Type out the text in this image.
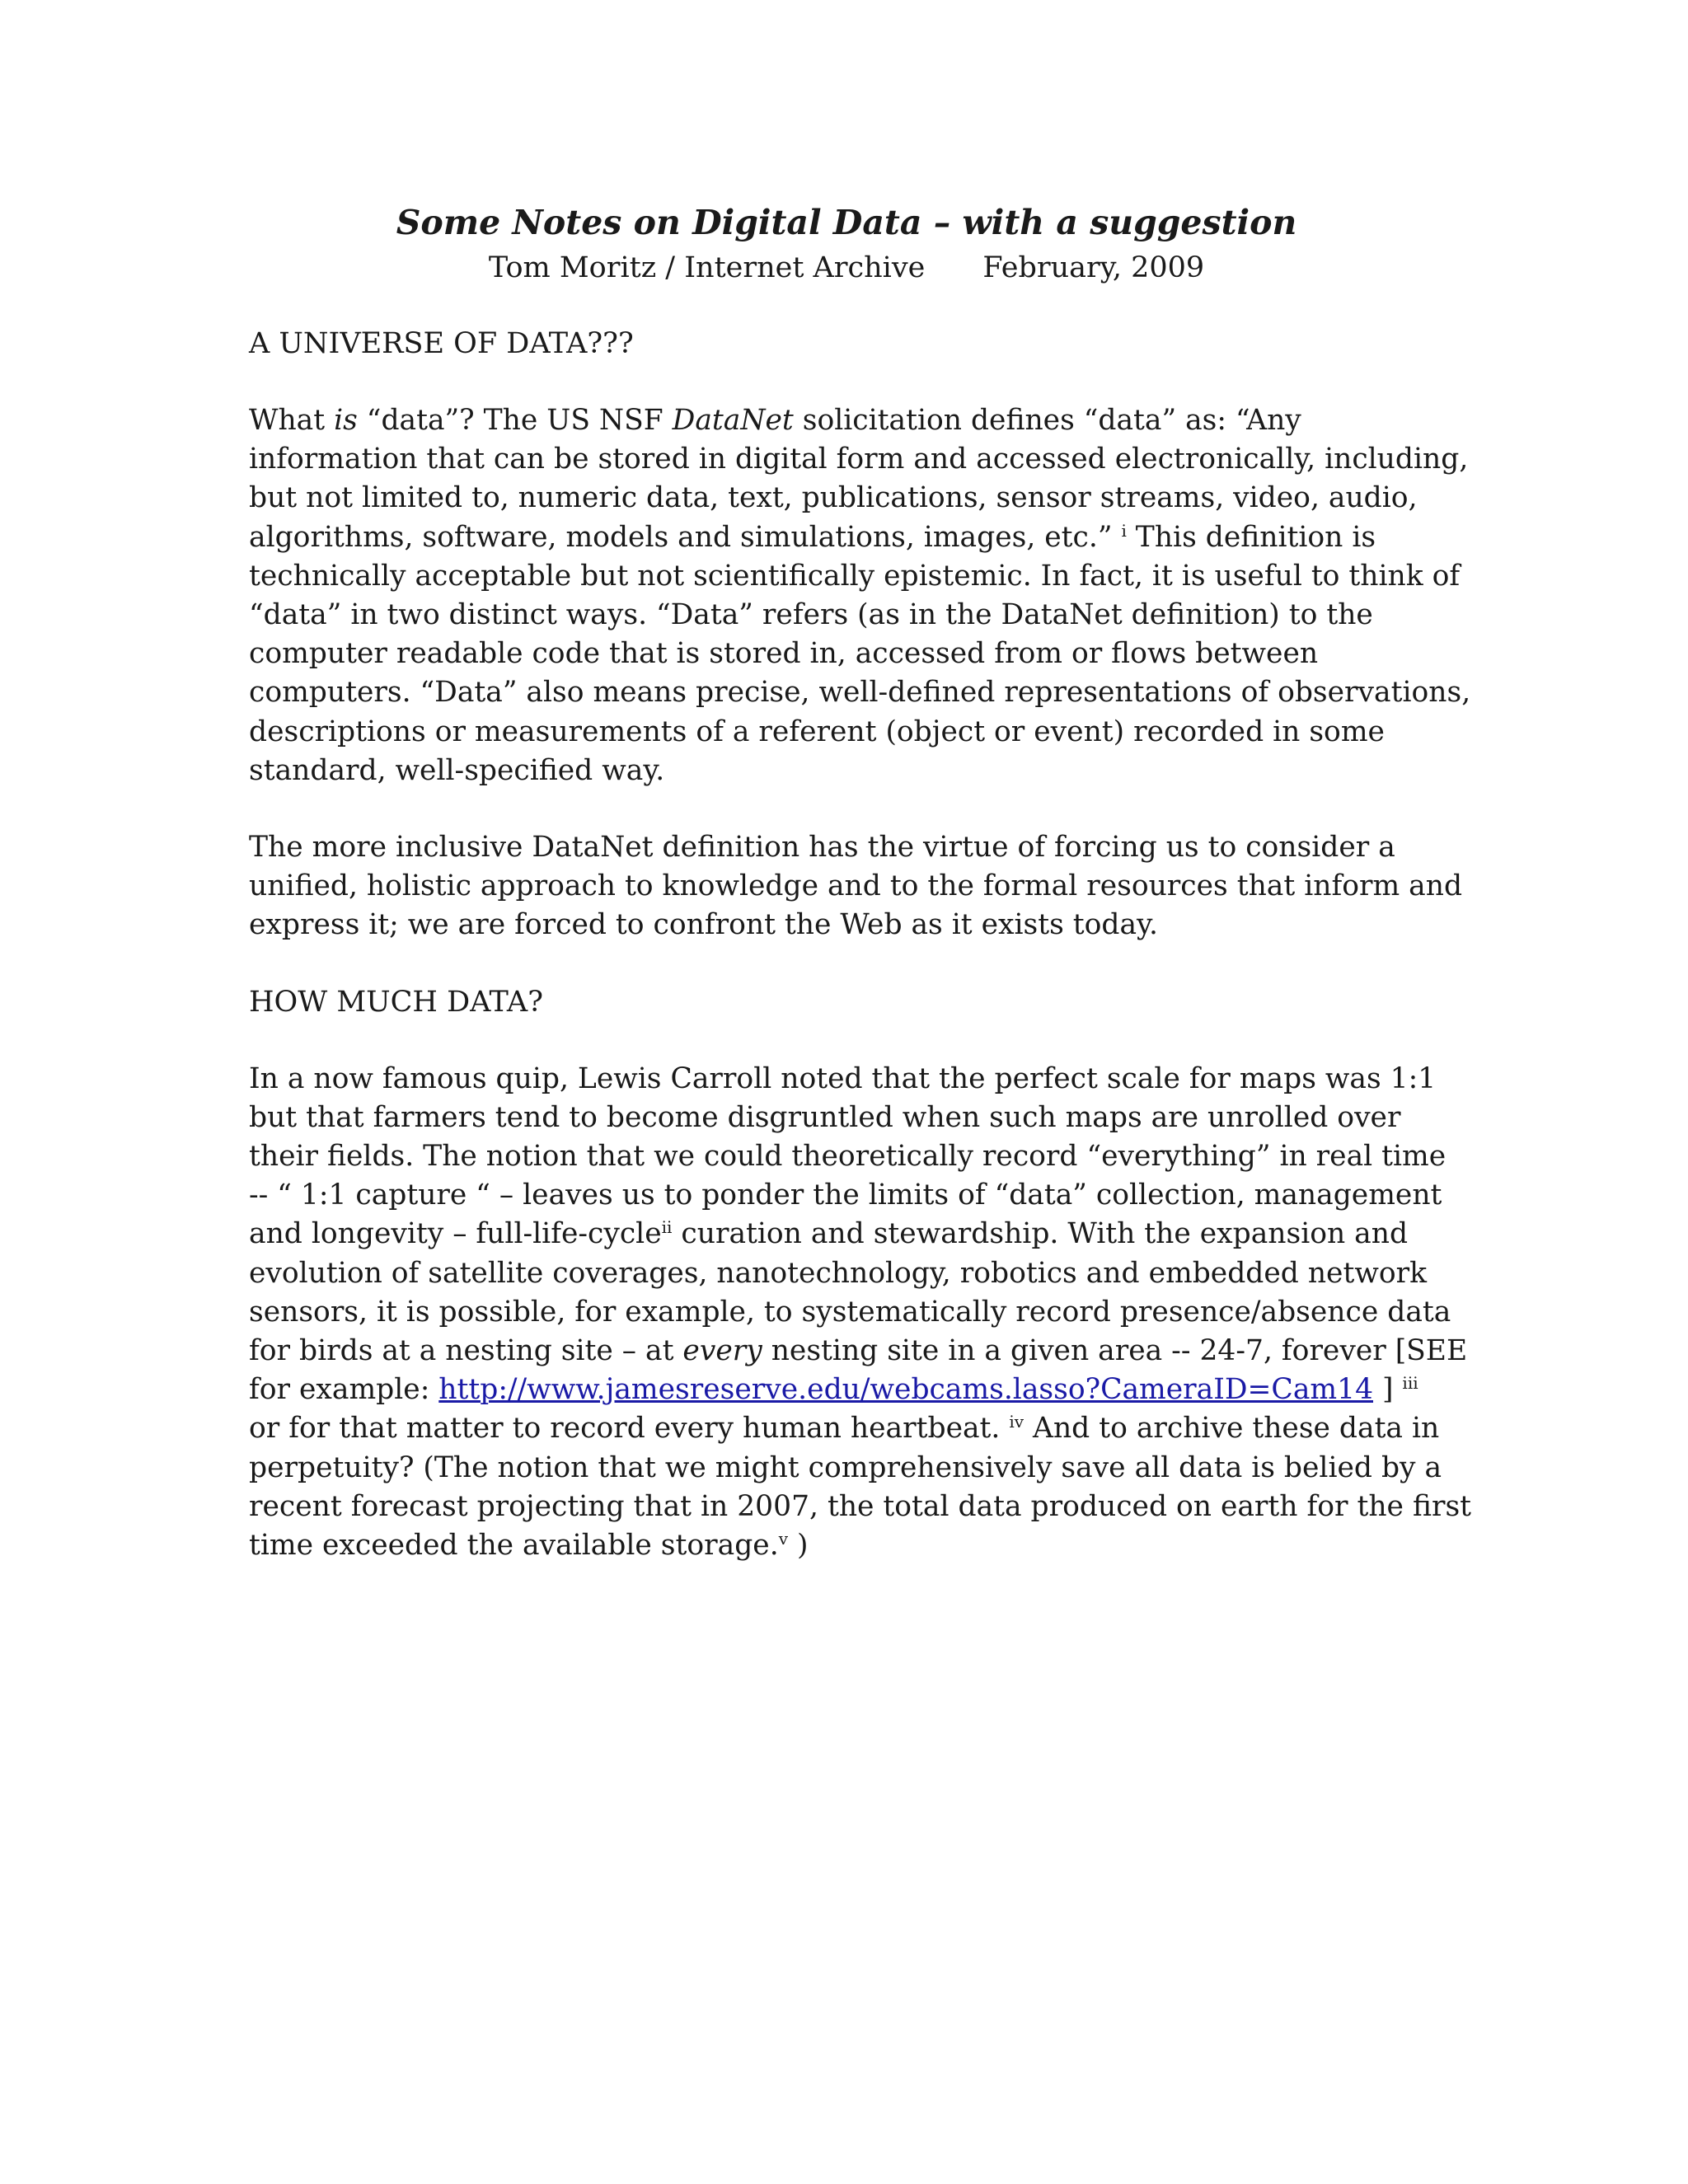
Some Notes on Digital Data – with a suggestion

Tom Moritz / Internet Archive February, 2009

A UNIVERSE OF DATA???

What is “data”? The US NSF DataNet solicitation defines “data” as: “Any
information that can be stored in digital form and accessed electronically, including,
but not limited to, numeric data, text, publications, sensor streams, video, audio,
algorithms, software, models and simulations, images, etc.” $^i$ This definition is
technically acceptable but not scientifically epistemic. In fact, it is useful to think of
“data” in two distinct ways. “Data” refers (as in the DataNet definition) to the
computer readable code that is stored in, accessed from or flows between
computers. “Data” also means precise, well-defined representations of observations,
descriptions or measurements of a referent (object or event) recorded in some
standard, well-specified way.

The more inclusive DataNet definition has the virtue of forcing us to consider a
unified, holistic approach to knowledge and to the formal resources that inform and
express it; we are forced to confront the Web as it exists today.

HOW MUCH DATA?

In a now famous quip, Lewis Carroll noted that the perfect scale for maps was 1:1
but that farmers tend to become disgruntled when such maps are unrolled over
their fields. The notion that we could theoretically record “everything” in real time
-- “ 1:1 capture “ – leaves us to ponder the limits of “data” collection, management
and longevity – full-life-cycle$^{ii}$ curation and stewardship. With the expansion and
evolution of satellite coverages, nanotechnology, robotics and embedded network
sensors, it is possible, for example, to systematically record presence/absence data
for birds at a nesting site – at every nesting site in a given area -- 24-7, forever [SEE
for example: http://www.jamesreserve.edu/webcams.lasso?CameraID=Cam14 ] $^{iii}$
or for that matter to record every human heartbeat. $^{iv}$ And to archive these data in
perpetuity? (The notion that we might comprehensively save all data is belied by a
recent forecast projecting that in 2007, the total data produced on earth for the first
time exceeded the available storage.$^v$ )
